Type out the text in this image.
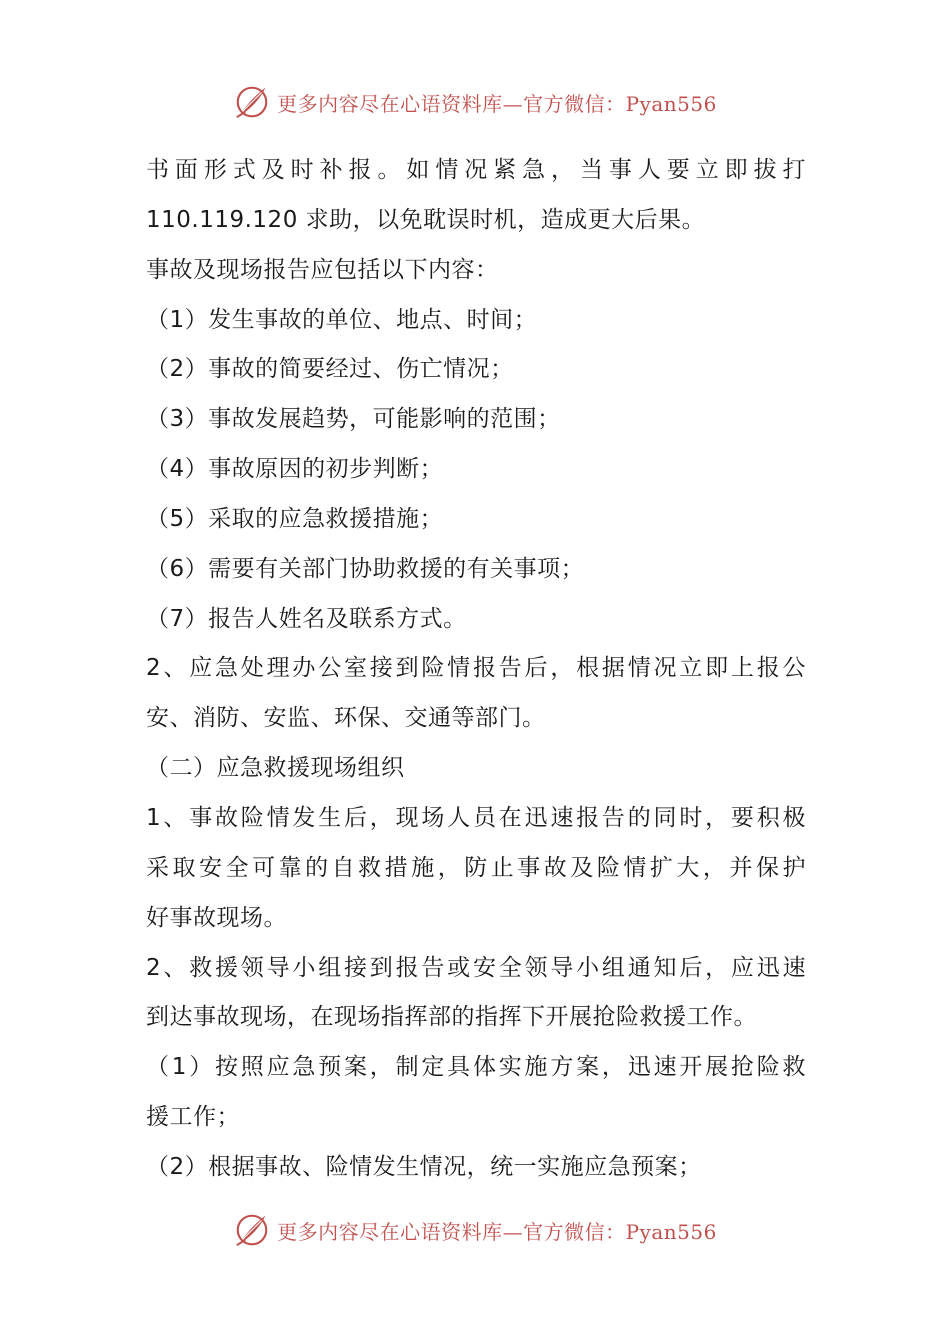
更多内容尽在心语资料库—官方微信：Pyan556
书面形式及时补报。如情况紧急，当事人要立即拔打
110.119.120 求助，以免耽误时机，造成更大后果。
事故及现场报告应包括以下内容：
（1）发生事故的单位、地点、时间；
（2）事故的简要经过、伤亡情况；
（3）事故发展趋势，可能影响的范围；
（4）事故原因的初步判断；
（5）采取的应急救援措施；
（6）需要有关部门协助救援的有关事项；
（7）报告人姓名及联系方式。
2、应急处理办公室接到险情报告后，根据情况立即上报公
安、消防、安监、环保、交通等部门。
（二）应急救援现场组织
1、事故险情发生后，现场人员在迅速报告的同时，要积极
采取安全可靠的自救措施，防止事故及险情扩大，并保护
好事故现场。
2、救援领导小组接到报告或安全领导小组通知后，应迅速
到达事故现场，在现场指挥部的指挥下开展抢险救援工作。
（1）按照应急预案，制定具体实施方案，迅速开展抢险救
援工作；
（2）根据事故、险情发生情况，统一实施应急预案；
更多内容尽在心语资料库—官方微信：Pyan556
